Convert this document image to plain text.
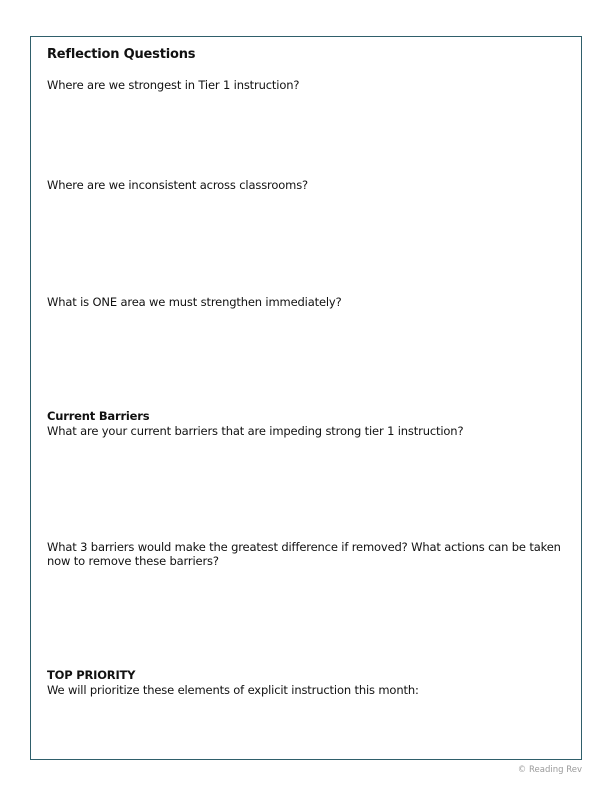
Reflection Questions

Where are we strongest in Tier 1 instruction?

Where are we inconsistent across classrooms?

What is ONE area we must strengthen immediately?

Current Barriers

What are your current barriers that are impeding strong tier 1 instruction?

What 3 barriers would make the greatest difference if removed? What actions can be taken now to remove these barriers?

TOP PRIORITY

We will prioritize these elements of explicit instruction this month:

© Reading Rev
